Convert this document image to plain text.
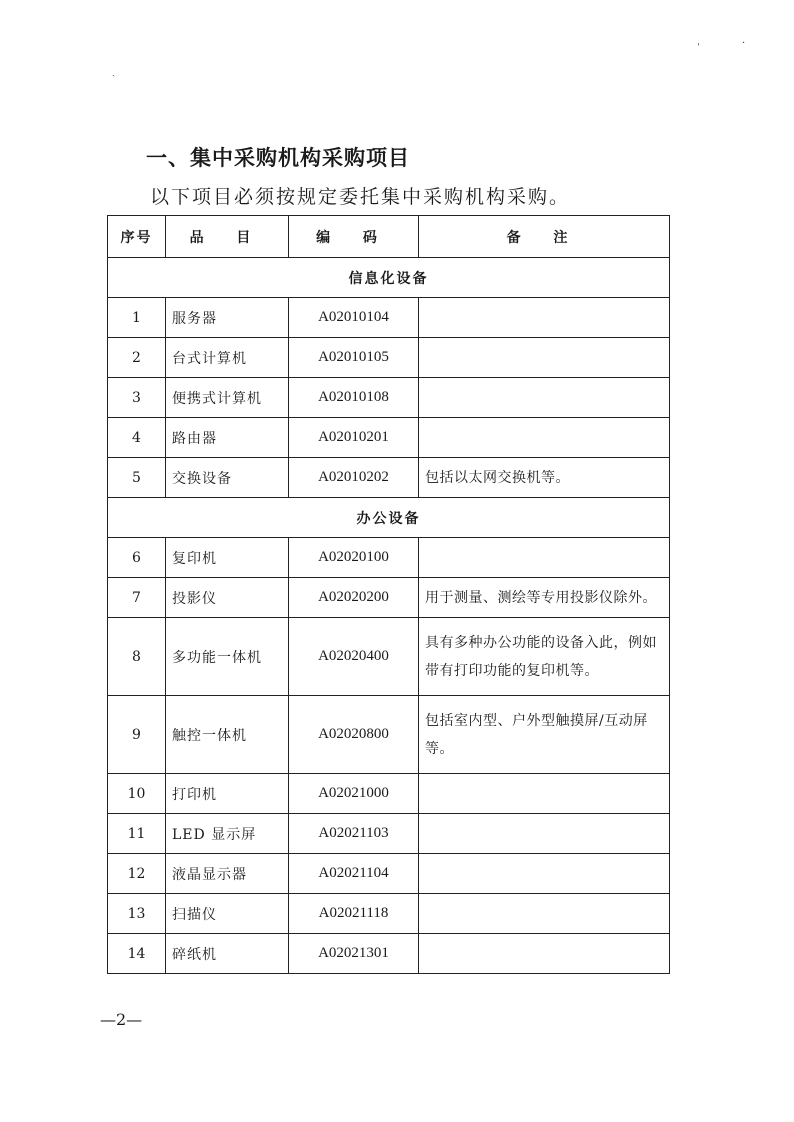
ˌ	·
ˏ
一、集中采购机构采购项目
以下项目必须按规定委托集中采购机构采购。
序号	品 目	编 码	备 注
信息化设备			
1	服务器	A02010104	
2	台式计算机	A02010105	
3	便携式计算机	A02010108	
4	路由器	A02010201	
5	交换设备	A02010202	包括以太网交换机等。
办公设备			
6	复印机	A02020100	
7	投影仪	A02020200	用于测量、测绘等专用投影仪除外。
8	多功能一体机	A02020400	具有多种办公功能的设备入此，例如带有打印功能的复印机等。
9	触控一体机	A02020800	包括室内型、户外型触摸屏/互动屏等。
10	打印机	A02021000	
11	LED 显示屏	A02021103	
12	液晶显示器	A02021104	
13	扫描仪	A02021118	
14	碎纸机	A02021301	
—2—
